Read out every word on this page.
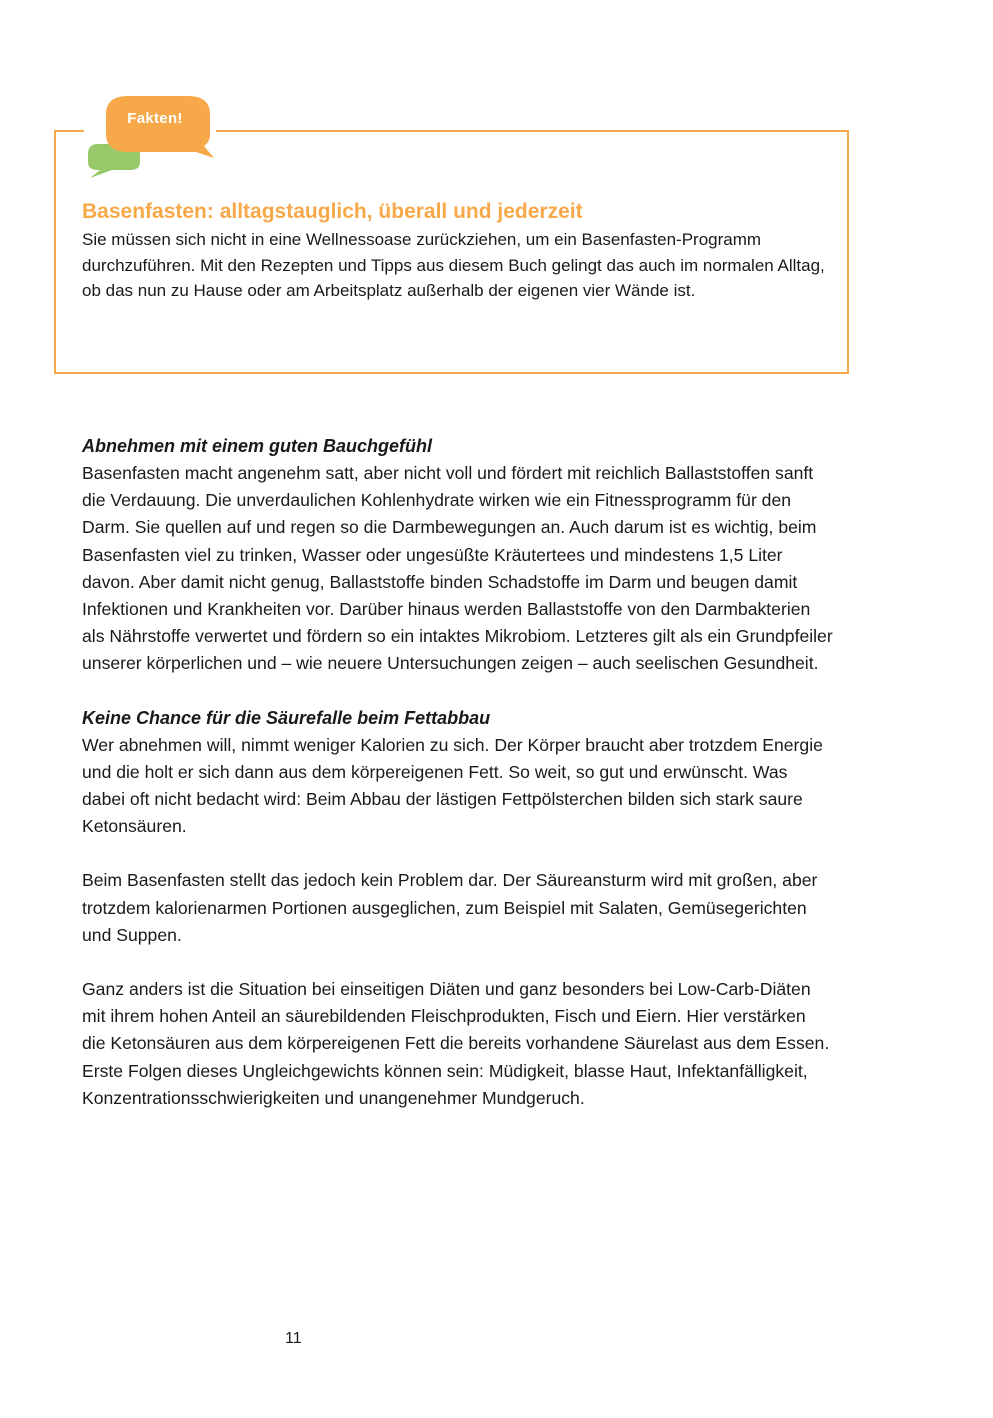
Fakten!
Basenfasten: alltagstauglich, überall und jederzeit

Sie müssen sich nicht in eine Wellnessoase zurückziehen, um ein Basenfasten-Programm durchzuführen. Mit den Rezepten und Tipps aus diesem Buch gelingt das auch im normalen Alltag, ob das nun zu Hause oder am Arbeitsplatz außerhalb der eigenen vier Wände ist.

Abnehmen mit einem guten Bauchgefühl

Basenfasten macht angenehm satt, aber nicht voll und fördert mit reichlich Ballaststoffen sanft die Verdauung. Die unverdaulichen Kohlenhydrate wirken wie ein Fitnessprogramm für den Darm. Sie quellen auf und regen so die Darmbewegungen an. Auch darum ist es wichtig, beim Basenfasten viel zu trinken, Wasser oder ungesüßte Kräutertees und mindestens 1,5 Liter davon. Aber damit nicht genug, Ballaststoffe binden Schadstoffe im Darm und beugen damit Infektionen und Krankheiten vor. Darüber hinaus werden Ballaststoffe von den Darmbakterien als Nährstoffe verwertet und fördern so ein intaktes Mikrobiom. Letzteres gilt als ein Grundpfeiler unserer körperlichen und – wie neuere Untersuchungen zeigen – auch seelischen Gesundheit.

Keine Chance für die Säurefalle beim Fettabbau

Wer abnehmen will, nimmt weniger Kalorien zu sich. Der Körper braucht aber trotzdem Energie und die holt er sich dann aus dem körpereigenen Fett. So weit, so gut und erwünscht. Was dabei oft nicht bedacht wird: Beim Abbau der lästigen Fettpölsterchen bilden sich stark saure Ketonsäuren.

Beim Basenfasten stellt das jedoch kein Problem dar. Der Säureansturm wird mit großen, aber trotzdem kalorienarmen Portionen ausgeglichen, zum Beispiel mit Salaten, Gemüsegerichten und Suppen.

Ganz anders ist die Situation bei einseitigen Diäten und ganz besonders bei Low-Carb-Diäten mit ihrem hohen Anteil an säurebildenden Fleischprodukten, Fisch und Eiern. Hier verstärken die Ketonsäuren aus dem körpereigenen Fett die bereits vorhandene Säurelast aus dem Essen. Erste Folgen dieses Ungleichgewichts können sein: Müdigkeit, blasse Haut, Infektanfälligkeit, Konzentrationsschwierigkeiten und unangenehmer Mundgeruch.

11
